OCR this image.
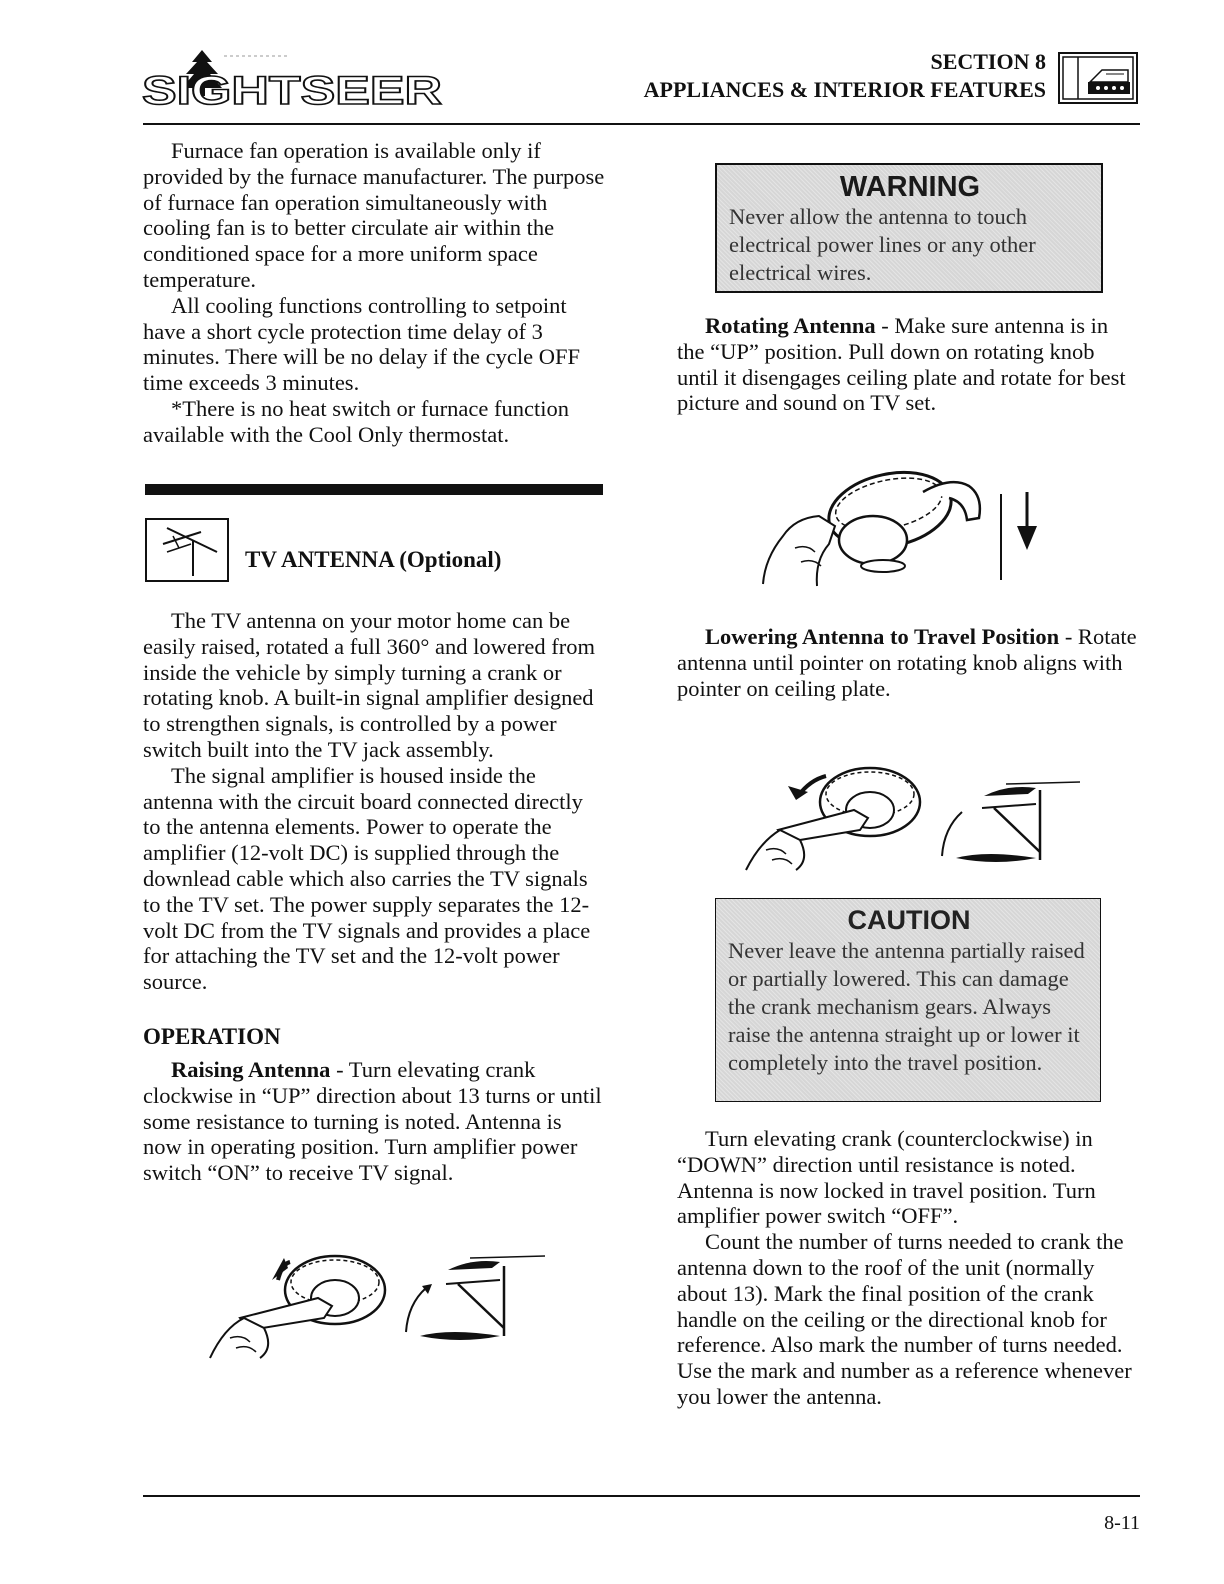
SIGHTSEER
SECTION 8
APPLIANCES & INTERIOR FEATURES

Furnace fan operation is available only if provided by the furnace manufacturer. The purpose of furnace fan operation simultaneously with cooling fan is to better circulate air within the conditioned space for a more uniform space temperature.

All cooling functions controlling to setpoint have a short cycle protection time delay of 3 minutes. There will be no delay if the cycle OFF time exceeds 3 minutes.

*There is no heat switch or furnace function available with the Cool Only thermostat.

TV ANTENNA (Optional)

The TV antenna on your motor home can be easily raised, rotated a full 360° and lowered from inside the vehicle by simply turning a crank or rotating knob. A built-in signal amplifier designed to strengthen signals, is controlled by a power switch built into the TV jack assembly.

The signal amplifier is housed inside the antenna with the circuit board connected directly to the antenna elements. Power to operate the amplifier (12-volt DC) is supplied through the downlead cable which also carries the TV signals to the TV set. The power supply separates the 12-volt DC from the TV signals and provides a place for attaching the TV set and the 12-volt power source.

OPERATION

Raising Antenna - Turn elevating crank clockwise in “UP” direction about 13 turns or until some resistance to turning is noted. Antenna is now in operating position. Turn amplifier power switch “ON” to receive TV signal.

WARNING
Never allow the antenna to touch electrical power lines or any other electrical wires.

Rotating Antenna - Make sure antenna is in the “UP” position. Pull down on rotating knob until it disengages ceiling plate and rotate for best picture and sound on TV set.

Lowering Antenna to Travel Position - Rotate antenna until pointer on rotating knob aligns with pointer on ceiling plate.

CAUTION
Never leave the antenna partially raised or partially lowered. This can damage the crank mechanism gears. Always raise the antenna straight up or lower it completely into the travel position.

Turn elevating crank (counterclockwise) in “DOWN” direction until resistance is noted. Antenna is now locked in travel position. Turn amplifier power switch “OFF”.

Count the number of turns needed to crank the antenna down to the roof of the unit (normally about 13). Mark the final position of the crank handle on the ceiling or the directional knob for reference. Also mark the number of turns needed. Use the mark and number as a reference whenever you lower the antenna.

8-11
